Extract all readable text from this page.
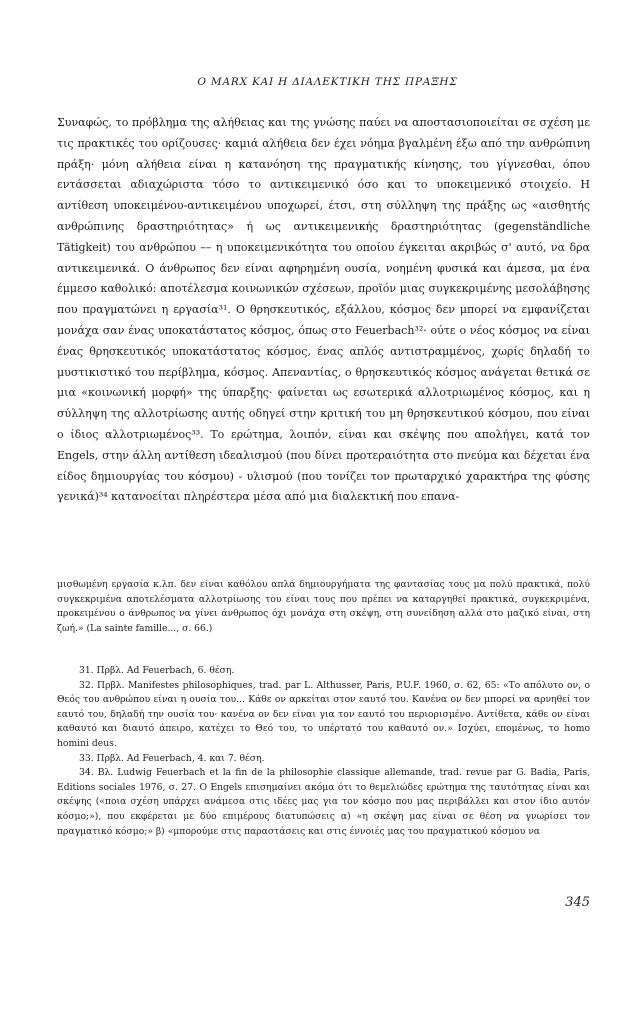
Ο MARX ΚΑΙ Η ΔΙΑΛΕΚΤΙΚΗ ΤΗΣ ΠΡΑΞΗΣ

Συναφώς, το πρόβλημα της αλήθειας και της γνώσης παύει να αποστασιοποιείται σε σχέση με τις πρακτικές του ορίζουσες· καμιά αλήθεια δεν έχει νόημα βγαλμένη έξω από την ανθρώπινη πράξη· μόνη αλήθεια είναι η κατανόηση της πραγματικής κίνησης, του γίγνεσθαι, όπου εντάσσεται αδιαχώριστα τόσο το αντικειμενικό όσο και το υποκειμενικό στοιχείο. Η αντίθεση υποκειμένου-αντικειμένου υποχωρεί, έτσι, στη σύλληψη της πράξης ως «αισθητής ανθρώπινης δραστηριότητας» ή ως αντικειμενικής δραστηριότητας (gegenständliche Tätigkeit) του ανθρώπου –– η υποκειμενικότητα του οποίου έγκειται ακριβώς σ' αυτό, να δρα αντικειμενικά. Ο άνθρωπος δεν είναι αφηρημένη ουσία, νοημένη φυσικά και άμεσα, μα ένα έμμεσο καθολικό: αποτέλεσμα κοινωνικών σχέσεων, προϊόν μιας συγκεκριμένης μεσολάβησης που πραγματώνει η εργασία³¹. Ο θρησκευτικός, εξάλλου, κόσμος δεν μπορεί να εμφανίζεται μονάχα σαν ένας υποκατάστατος κόσμος, όπως στο Feuerbach³²· ούτε ο νέος κόσμος να είναι ένας θρησκευτικός υποκατάστατος κόσμος, ένας απλός αντιστραμμένος, χωρίς δηλαδή το μυστικιστικό του περίβλημα, κόσμος. Απεναντίας, ο θρησκευτικός κόσμος ανάγεται θετικά σε μια «κοινωνική μορφή» της ύπαρξης· φαίνεται ως εσωτερικά αλλοτριωμένος κόσμος, και η σύλληψη της αλλοτρίωσης αυτής οδηγεί στην κριτική του μη θρησκευτικού κόσμου, που είναι ο ίδιος αλλοτριωμένος³³. Το ερώτημα, λοιπόν, είναι και σκέψης που απολήγει, κατά τον Engels, στην άλλη αντίθεση ιδεαλισμού (που δίνει προτεραιότητα στο πνεύμα και δέχεται ένα είδος δημιουργίας του κόσμου) - υλισμού (που τονίζει τον πρωταρχικό χαρακτήρα της φύσης γενικά)³⁴ κατανοείται πληρέστερα μέσα από μια διαλεκτική που επανα-

μισθωμένη εργασία κ.λπ. δεν είναι καθόλου απλά δημιουργήματα της φαντασίας τους μα πολύ πρακτικά, πολύ συγκεκριμένα αποτελέσματα αλλοτρίωσης του είναι τους που πρέπει να καταργηθεί πρακτικά, συγκεκριμένα, προκειμένου ο άνθρωπος να γίνει άνθρωπος όχι μονάχα στη σκέψη, στη συνείδηση αλλά στο μαζικό είναι, στη ζωή.» (La sainte famille..., σ. 66.)

31. Πρβλ. Ad Feuerbach, 6. θέση.

32. Πρβλ. Manifestes philosophiques, trad. par L. Althusser, Paris, P.U.F. 1960, σ. 62, 65: «Το απόλυτο ον, ο Θεός του ανθρώπου είναι η ουσία του... Κάθε ον αρκείται στον εαυτό του. Κανένα ον δεν μπορεί να αρνηθεί τον εαυτό του, δηλαδή την ουσία του· κανένα ον δεν είναι για τον εαυτό του περιορισμένο. Αντίθετα, κάθε ον είναι καθαυτό και διαυτό άπειρο, κατέχει το Θεό του, το υπέρτατό του καθαυτό ον.» Ισχύει, επομένως, το homo homini deus.

33. Πρβλ. Ad Feuerbach, 4. και 7. θέση.

34. Βλ. Ludwig Feuerbach et la fin de la philosophie classique allemande, trad. revue par G. Badia, Paris, Editions sociales 1976, σ. 27. Ο Engels επισημαίνει ακόμα ότι το θεμελιώδες ερώτημα της ταυτότητας είναι και σκέψης («ποια σχέση υπάρχει ανάμεσα στις ιδέες μας για τον κόσμο που μας περιβάλλει και στον ίδιο αυτόν κόσμο;»), που εκφέρεται με δύο επιμέρους διατυπώσεις α) «η σκέψη μας είναι σε θέση να γνωρίσει τον πραγματικό κόσμο;» β) «μπορούμε στις παραστάσεις και στις έννοιές μας του πραγματικού κόσμου να

345
